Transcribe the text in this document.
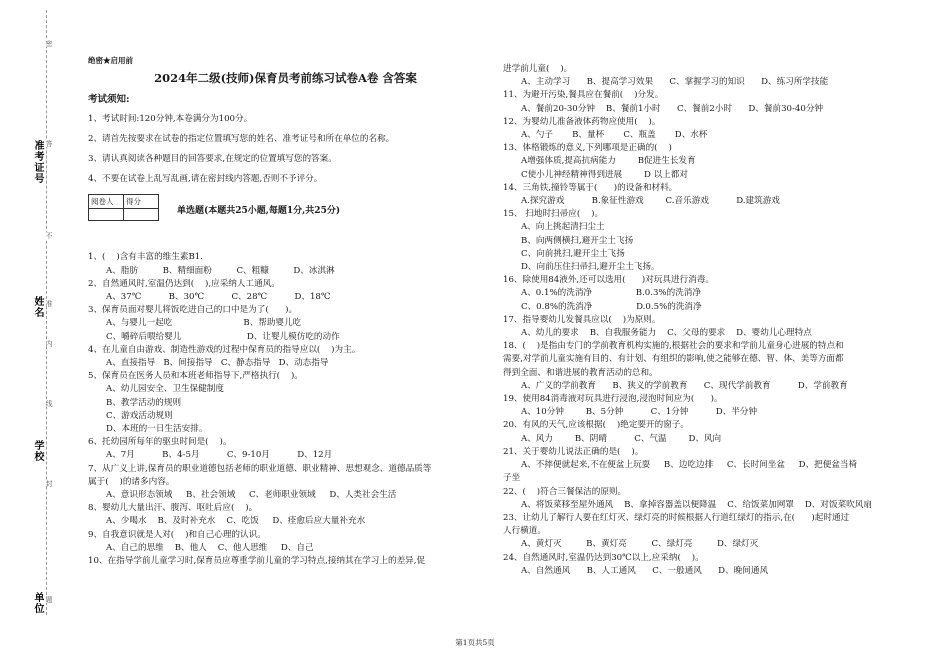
准考证号
姓名
学校
单位
密
封
线
内
不
准
答
题
绝密★启用前
2024年二级(技师)保育员考前练习试卷A卷 含答案
考试须知:
1、考试时间:120分钟,本卷满分为100分。
2、请首先按要求在试卷的指定位置填写您的姓名、准考证号和所在单位的名称。
3、请认真阅读各种题目的回答要求,在规定的位置填写您的答案。
4、不要在试卷上乱写乱画,请在密封线内答题,否则不予评分。
阅卷人	得分

单选题(本题共25小题,每题1分,共25分)
1、(    )含有丰富的维生素B1.
A、脂肪         B、精细面粉         C、粗糠         D、冰淇淋
2、自然通风时,室温仍达到(    ),应采纳人工通风。
A、37℃          B、30℃          C、28℃          D、18℃
3、保育员面对婴儿将饭吃进自己的口中是为了(      )。
A、与婴儿一起吃                          B、帮助婴儿吃
C、嚼碎后喂给婴儿                        D、让婴儿模仿吃的动作
4、在儿童自由游戏、制造性游戏的过程中保育员的指导应以(    )为主。
A、直接指导   B、间接指导   C、静态指导   D、动态指导
5、保育员在医务人员和本班老师指导下,严格执行(    )。
A、幼儿园安全、卫生保健制度
B、教学活动的规则
C、游戏活动规则
D、本班的一日生活安排。
6、托幼园所每年的驱虫时间是(    )。
A、7月          B、4-5月          C、9-10月          D、12月
7、从广义上讲,保育员的职业道德包括老师的职业道德、职业精神、思想观念、道德品质等
属于(    )的诸多内容。
A、意识形态领域     B、社会领域     C、老师职业领域     D、人类社会生活
8、婴幼儿大量出汗、腹泻、呕吐后应(    )。
A、少喝水    B、及时补充水    C、吃饭     D、痊愈后应大量补充水
9、自我意识就是人对(    )和自己心理的认识。
A、自己的思维    B、他人    C、他人思维     D、自己
10、在指导学前儿童学习时,保育员应尊重学前儿童的学习特点,接纳其在学习上的差异,促
进学前儿童(    )。
A、主动学习      B、提高学习效果      C、掌握学习的知识      D、练习所学技能
11、为避开污染,餐具应在餐前(    )分发。
A、餐前20-30分钟    B、餐前1小时      C、餐前2小时      D、餐前30-40分钟
12、为婴幼儿准备液体药物应使用(    )。
A、勺子       B、量杯       C、瓶盖       D、水杯
13、体格锻炼的意义,下列哪项是正确的(    )
A增强体质,提高抗病能力        B促进生长发育
C使小儿神经精神得到进展        D 以上都对
14、三角铁,撞铃等属于(      )的设备和材料。
A.探究游戏          B.象征性游戏        C.音乐游戏          D.建筑游戏
15、 扫地时扫帚应(    )。
A、向上挑起清扫尘土
B、向两侧横扫,避开尘土飞扬
C、向前挑扫,避开尘土飞扬
D、向前压住扫帚扫,避开尘土飞扬。
16、除使用84液外,还可以选用(      )对玩具进行消毒。
A、0.1%的洗消净                B.0.3%的洗消净
C、0.8%的洗消净                D.0.5%的洗消净
17、指导婴幼儿发餐具应以(    )为原则。
A、幼儿的要求    B、自我服务能力    C、父母的要求    D、婴幼儿心理特点
18、(    )是指由专门的学前教育机构实施的,根据社会的要求和学前儿童身心进展的特点和
需要,对学前儿童实施有目的、有计划、有组织的影响,使之能够在德、智、体、美等方面都
得到全面、和谐进展的教育活动的总和。
A、广义的学前教育      B、狭义的学前教育      C、现代学前教育          D、学前教育
19、使用84消毒液对玩具进行浸泡,浸泡时间应为(      )。
A、10分钟        B、5分钟          C、1分钟          D、半分钟
20、有风的天气,应该根据(    )绝定要开的窗子。
A、风力        B、阴晴          C、气温        D、风向
21、关于婴幼儿说法正确的是(    )。
A、不摔便就起来,不在便盆上玩耍     B、边吃边排     C、长时间坐盆     D、把便盆当椅
子坐
22、(    )符合三餐保洁的原则。
A、将饭菜移至屋外通风    B、拿掉容器盖以便降温    C、给饭菜加网罩    D、对饭菜吹风扇
23、让幼儿了解行人要在红灯灭、绿灯亮的时候根据人行道红绿灯的指示,在(      )起时通过
人行横道。
A、黄灯灭         B、黄灯亮         C、绿灯亮         D、绿灯灭
24、自然通风时,室温仍达到30℃以上,应采纳(    )。
A、自然通风      B、人工通风      C、一般通风      D、晚间通风
第1页共5页
